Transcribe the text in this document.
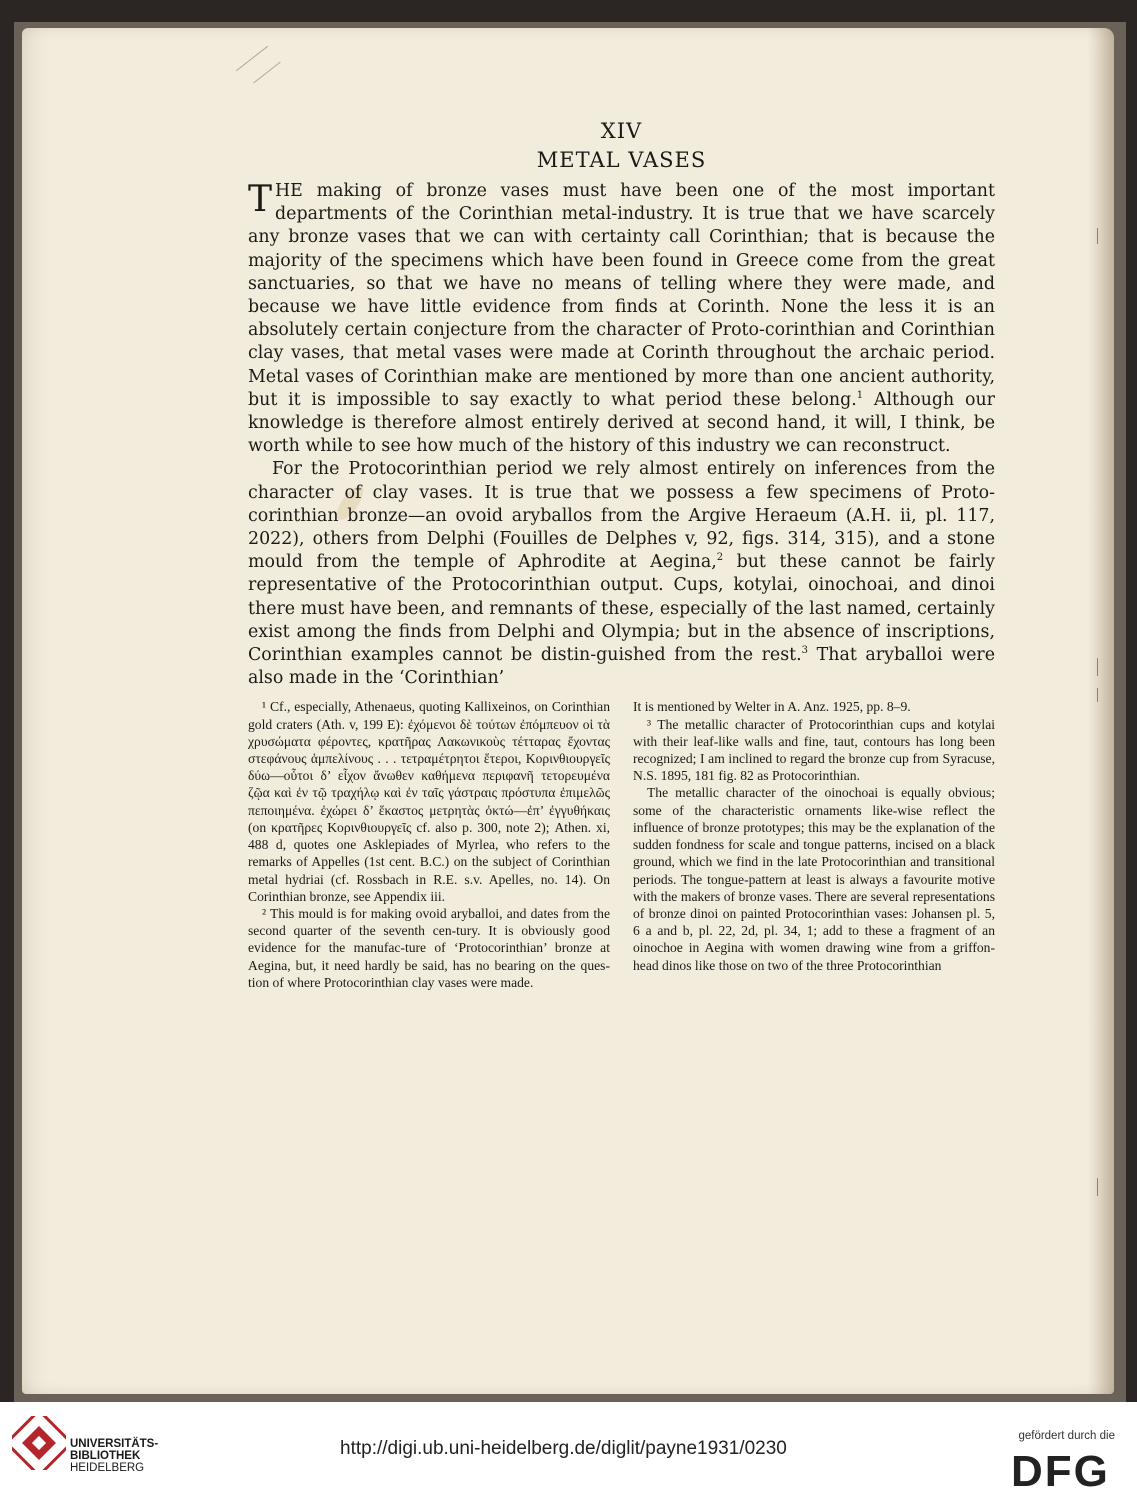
XIV

METAL VASES

THE making of bronze vases must have been one of the most important departments of the Corinthian metal-industry. It is true that we have scarcely any bronze vases that we can with certainty call Corinthian; that is because the majority of the specimens which have been found in Greece come from the great sanctuaries, so that we have no means of telling where they were made, and because we have little evidence from finds at Corinth. None the less it is an absolutely certain conjecture from the character of Proto-corinthian and Corinthian clay vases, that metal vases were made at Corinth throughout the archaic period. Metal vases of Corinthian make are mentioned by more than one ancient authority, but it is impossible to say exactly to what period these belong.$^1$ Although our knowledge is therefore almost entirely derived at second hand, it will, I think, be worth while to see how much of the history of this industry we can reconstruct.

For the Protocorinthian period we rely almost entirely on inferences from the character of clay vases. It is true that we possess a few specimens of Proto-corinthian bronze—an ovoid aryballos from the Argive Heraeum (A.H. ii, pl. 117, 2022), others from Delphi (Fouilles de Delphes v, 92, figs. 314, 315), and a stone mould from the temple of Aphrodite at Aegina,$^2$ but these cannot be fairly representative of the Protocorinthian output. Cups, kotylai, oinochoai, and dinoi there must have been, and remnants of these, especially of the last named, certainly exist among the finds from Delphi and Olympia; but in the absence of inscriptions, Corinthian examples cannot be distin-guished from the rest.$^3$ That aryballoi were also made in the ‘Corinthian’

¹ Cf., especially, Athenaeus, quoting Kallixeinos, on Corinthian gold craters (Ath. v, 199 E): ἐχόμενοι δὲ τούτων ἐπόμπευον οἱ τὰ χρυσώματα φέροντες, κρατῆρας Λακωνικοὺς τέτταρας ἔχοντας στεφάνους ἀμπελίνους . . . τετραμέτρητοι ἕτεροι, Κορινθιουργεῖς δύω—οὗτοι δ’ εἶχον ἄνωθεν καθήμενα περιφανῆ τετορευμένα ζῷα καὶ ἐν τῷ τραχήλῳ καὶ ἐν ταῖς γάστραις πρόστυπα ἐπιμελῶς πεποιημένα. ἐχώρει δ’ ἕκαστος μετρητὰς ὀκτώ—ἐπ’ ἐγγυθήκαις (on κρατῆρες Κορινθιουργεῖς cf. also p. 300, note 2); Athen. xi, 488 d, quotes one Asklepiades of Myrlea, who refers to the remarks of Appelles (1st cent. B.C.) on the subject of Corinthian metal hydriai (cf. Rossbach in R.E. s.v. Apelles, no. 14). On Corinthian bronze, see Appendix iii.

² This mould is for making ovoid aryballoi, and dates from the second quarter of the seventh cen-tury. It is obviously good evidence for the manufac-ture of ‘Protocorinthian’ bronze at Aegina, but, it need hardly be said, has no bearing on the ques-tion of where Protocorinthian clay vases were made.

It is mentioned by Welter in A. Anz. 1925, pp. 8–9.

³ The metallic character of Protocorinthian cups and kotylai with their leaf-like walls and fine, taut, contours has long been recognized; I am inclined to regard the bronze cup from Syracuse, N.S. 1895, 181 fig. 82 as Protocorinthian.

The metallic character of the oinochoai is equally obvious; some of the characteristic ornaments like-wise reflect the influence of bronze prototypes; this may be the explanation of the sudden fondness for scale and tongue patterns, incised on a black ground, which we find in the late Protocorinthian and transitional periods. The tongue-pattern at least is always a favourite motive with the makers of bronze vases. There are several representations of bronze dinoi on painted Protocorinthian vases: Johansen pl. 5, 6 a and b, pl. 22, 2d, pl. 34, 1; add to these a fragment of an oinochoe in Aegina with women drawing wine from a griffon-head dinos like those on two of the three Protocorinthian

UNIVERSITÄTS-
BIBLIOTHEK
HEIDELBERG
http://digi.ub.uni-heidelberg.de/diglit/payne1931/0230
gefördert durch die
DFG
